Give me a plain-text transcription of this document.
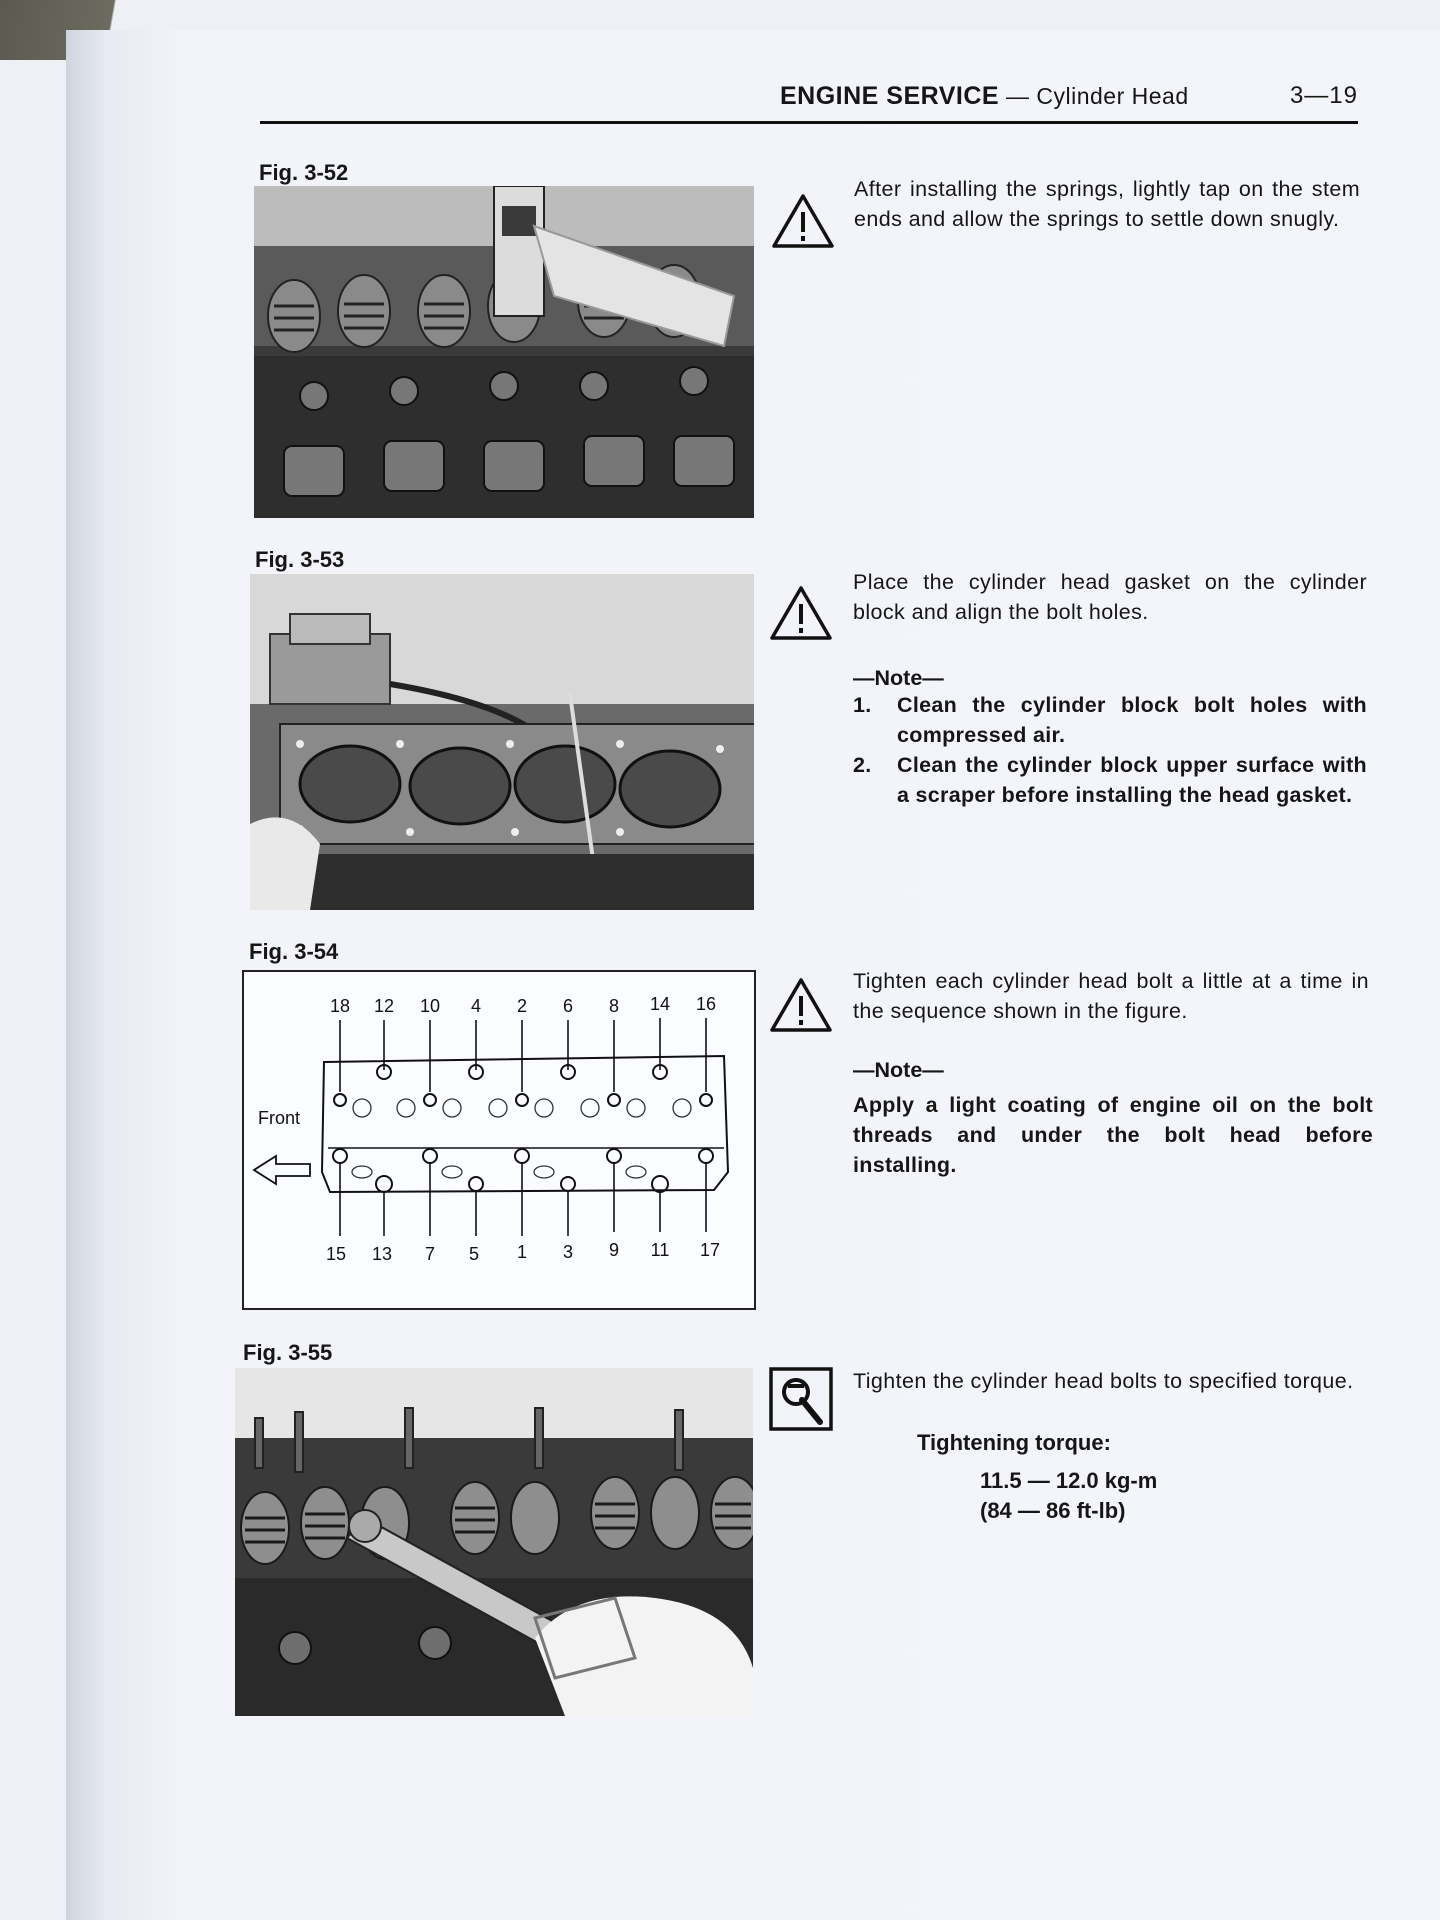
ENGINE SERVICE — Cylinder Head	3—19
Fig. 3-52
After installing the springs, lightly tap on the stem ends and allow the springs to settle down snugly.
Fig. 3-53
Place the cylinder head gasket on the cylinder block and align the bolt holes.
—Note—
1.	Clean the cylinder block bolt holes with compressed air.
2.	Clean the cylinder block upper surface with a scraper before installing the head gasket.
Fig. 3-54
18 12 10 4 2 6 8 14 16
15 13 7 5 1 3 9 11 17
Front
Tighten each cylinder head bolt a little at a time in the sequence shown in the figure.
—Note—
Apply a light coating of engine oil on the bolt threads and under the bolt head before installing.
Fig. 3-55
Tighten the cylinder head bolts to specified torque.
Tightening torque:
11.5 — 12.0 kg-m
(84 — 86 ft-lb)
